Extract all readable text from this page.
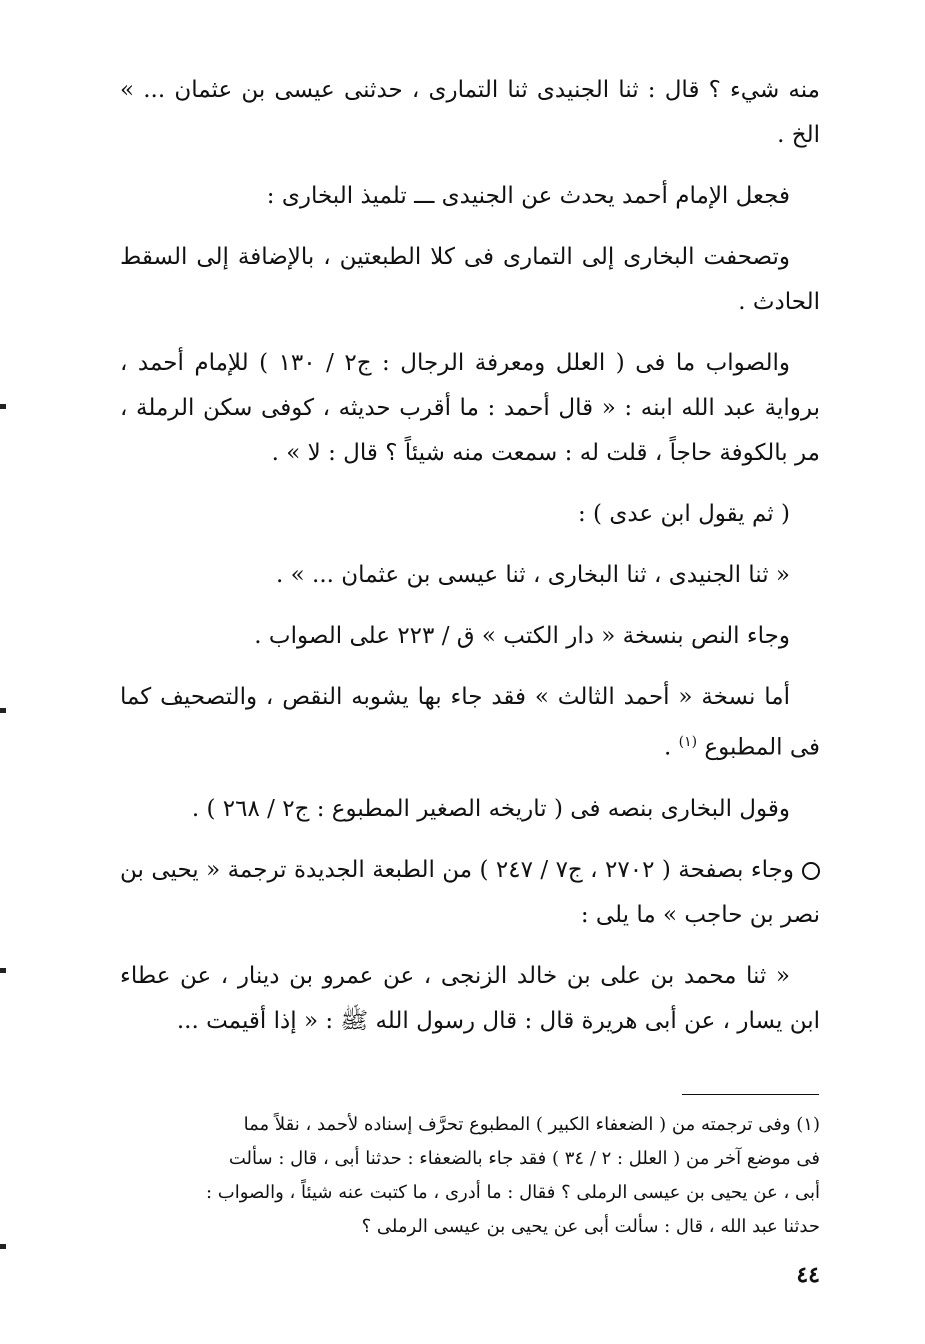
منه شيء ؟ قال : ثنا الجنيدى ثنا التمارى ، حدثنى عيسى بن عثمان ... » الخ .
فجعل الإمام أحمد يحدث عن الجنيدى ـــ تلميذ البخارى :
وتصحفت البخارى إلى التمارى فى كلا الطبعتين ، بالإضافة إلى السقط الحادث .
والصواب ما فى ( العلل ومعرفة الرجال : ج٢ / ١٣٠ ) للإمام أحمد ، برواية عبد الله ابنه : « قال أحمد : ما أقرب حديثه ، كوفى سكن الرملة ، مر بالكوفة حاجاً ، قلت له : سمعت منه شيئاً ؟ قال : لا » .
( ثم يقول ابن عدى ) :
« ثنا الجنيدى ، ثنا البخارى ، ثنا عيسى بن عثمان ... » .
وجاء النص بنسخة « دار الكتب » ق / ٢٢٣ على الصواب .
أما نسخة « أحمد الثالث » فقد جاء بها يشوبه النقص ، والتصحيف كما فى المطبوع $^{(١)}$ .
وقول البخارى بنصه فى ( تاريخه الصغير المطبوع : ج٢ / ٢٦٨ ) .
وجاء بصفحة ( ٢٧٠٢ ، ج٧ / ٢٤٧ ) من الطبعة الجديدة ترجمة « يحيى بن نصر بن حاجب » ما يلى :
« ثنا محمد بن على بن خالد الزنجى ، عن عمرو بن دينار ، عن عطاء ابن يسار ، عن أبى هريرة قال : قال رسول الله ﷺ : « إذا أقيمت ...
(١) وفى ترجمته من ( الضعفاء الكبير ) المطبوع تحرَّف إسناده لأحمد ، نقلاً مما
فى موضع آخر من ( العلل : ٢ / ٣٤ ) فقد جاء بالضعفاء : حدثنا أبى ، قال : سألت
أبى ، عن يحيى بن عيسى الرملى ؟ فقال : ما أدرى ، ما كتبت عنه شيئاً ، والصواب :
حدثنا عبد الله ، قال : سألت أبى عن يحيى بن عيسى الرملى ؟
٤٤
